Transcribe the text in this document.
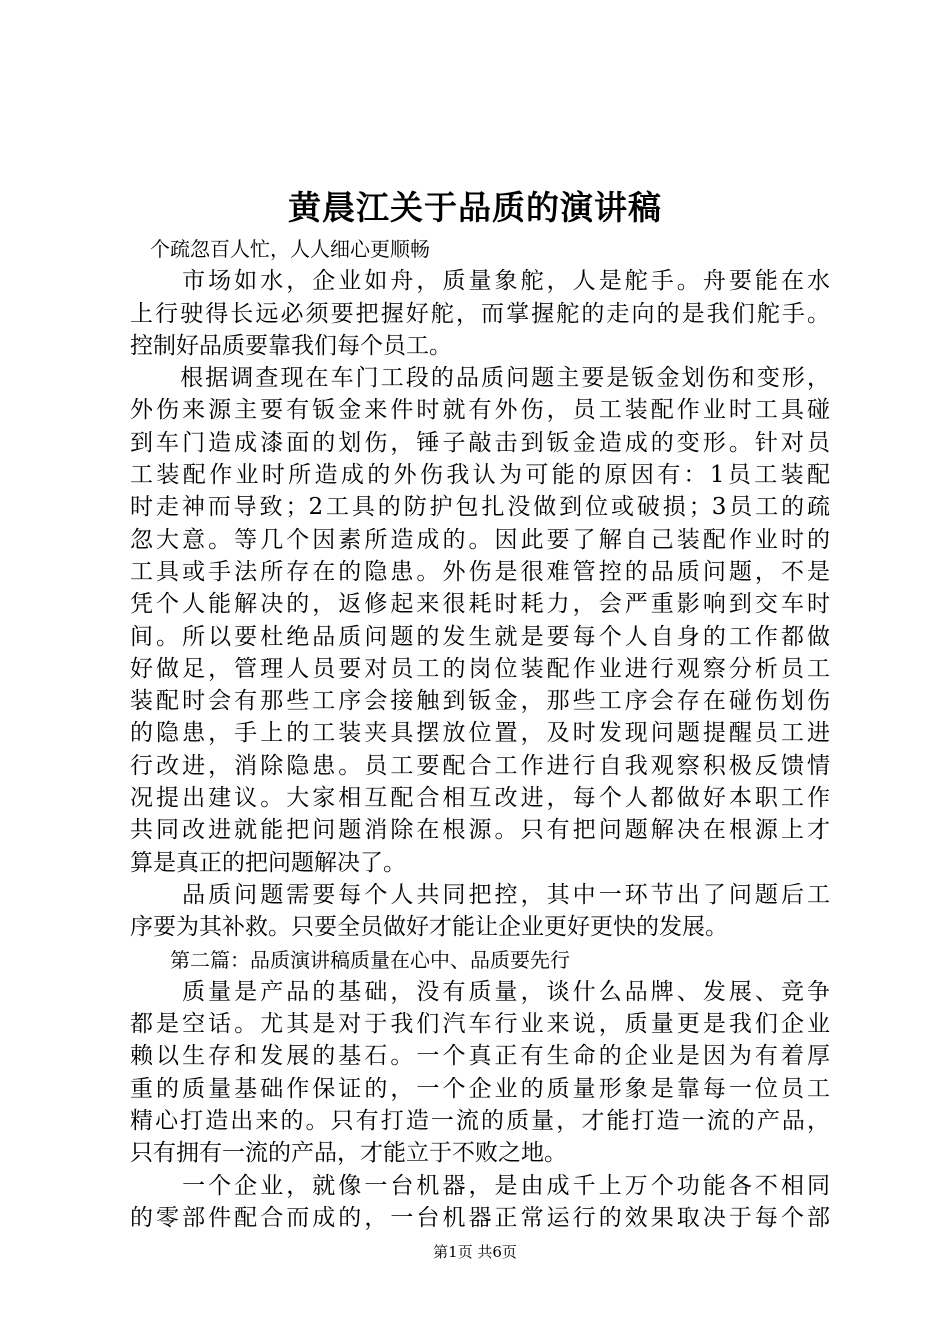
黄晨江关于品质的演讲稿
　个疏忽百人忙，人人细心更顺畅
　　市场如水，企业如舟，质量象舵，人是舵手。舟要能在水
上行驶得长远必须要把握好舵，而掌握舵的走向的是我们舵手。
控制好品质要靠我们每个员工。
　　根据调查现在车门工段的品质问题主要是钣金划伤和变形，
外伤来源主要有钣金来件时就有外伤，员工装配作业时工具碰
到车门造成漆面的划伤，锤子敲击到钣金造成的变形。针对员
工装配作业时所造成的外伤我认为可能的原因有：1员工装配
时走神而导致；2工具的防护包扎没做到位或破损；3员工的疏
忽大意。等几个因素所造成的。因此要了解自己装配作业时的
工具或手法所存在的隐患。外伤是很难管控的品质问题，不是
凭个人能解决的，返修起来很耗时耗力，会严重影响到交车时
间。所以要杜绝品质问题的发生就是要每个人自身的工作都做
好做足，管理人员要对员工的岗位装配作业进行观察分析员工
装配时会有那些工序会接触到钣金，那些工序会存在碰伤划伤
的隐患，手上的工装夹具摆放位置，及时发现问题提醒员工进
行改进，消除隐患。员工要配合工作进行自我观察积极反馈情
况提出建议。大家相互配合相互改进，每个人都做好本职工作
共同改进就能把问题消除在根源。只有把问题解决在根源上才
算是真正的把问题解决了。
　　品质问题需要每个人共同把控，其中一环节出了问题后工
序要为其补救。只要全员做好才能让企业更好更快的发展。
　　第二篇：品质演讲稿质量在心中、品质要先行
　　质量是产品的基础，没有质量，谈什么品牌、发展、竞争
都是空话。尤其是对于我们汽车行业来说，质量更是我们企业
赖以生存和发展的基石。一个真正有生命的企业是因为有着厚
重的质量基础作保证的，一个企业的质量形象是靠每一位员工
精心打造出来的。只有打造一流的质量，才能打造一流的产品，
只有拥有一流的产品，才能立于不败之地。
　　一个企业，就像一台机器，是由成千上万个功能各不相同
的零部件配合而成的，一台机器正常运行的效果取决于每个部
第1页 共6页
